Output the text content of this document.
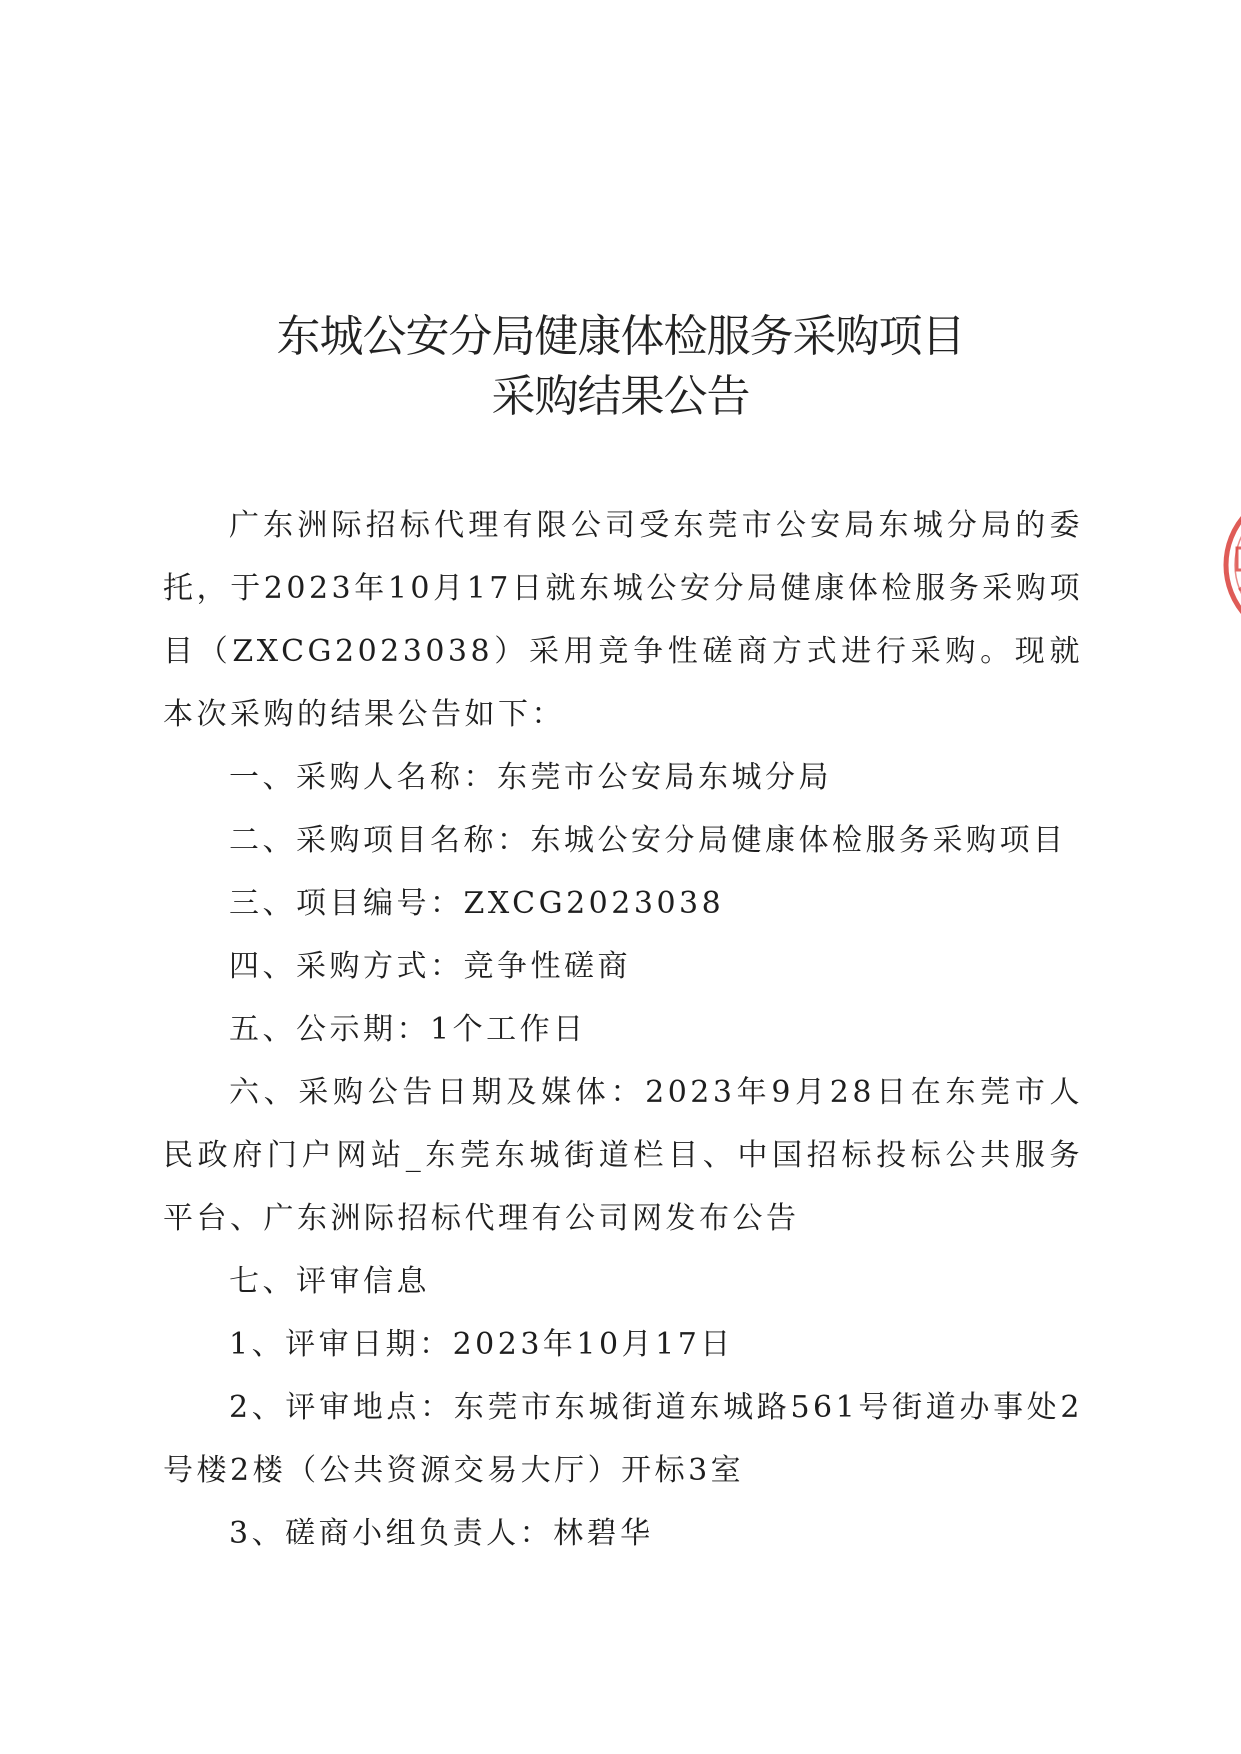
东城公安分局健康体检服务采购项目
采购结果公告

广东洲际招标代理有限公司受东莞市公安局东城分局的委托，于2023年10月17日就东城公安分局健康体检服务采购项目（ZXCG2023038）采用竞争性磋商方式进行采购。现就本次采购的结果公告如下：

一、采购人名称：东莞市公安局东城分局

二、采购项目名称：东城公安分局健康体检服务采购项目

三、项目编号：ZXCG2023038

四、采购方式：竞争性磋商

五、公示期：1个工作日

六、采购公告日期及媒体：2023年9月28日在东莞市人民政府门户网站_东莞东城街道栏目、中国招标投标公共服务平台、广东洲际招标代理有公司网发布公告

七、评审信息

1、评审日期：2023年10月17日

2、评审地点：东莞市东城街道东城路561号街道办事处2号楼2楼（公共资源交易大厅）开标3室

3、磋商小组负责人：林碧华
